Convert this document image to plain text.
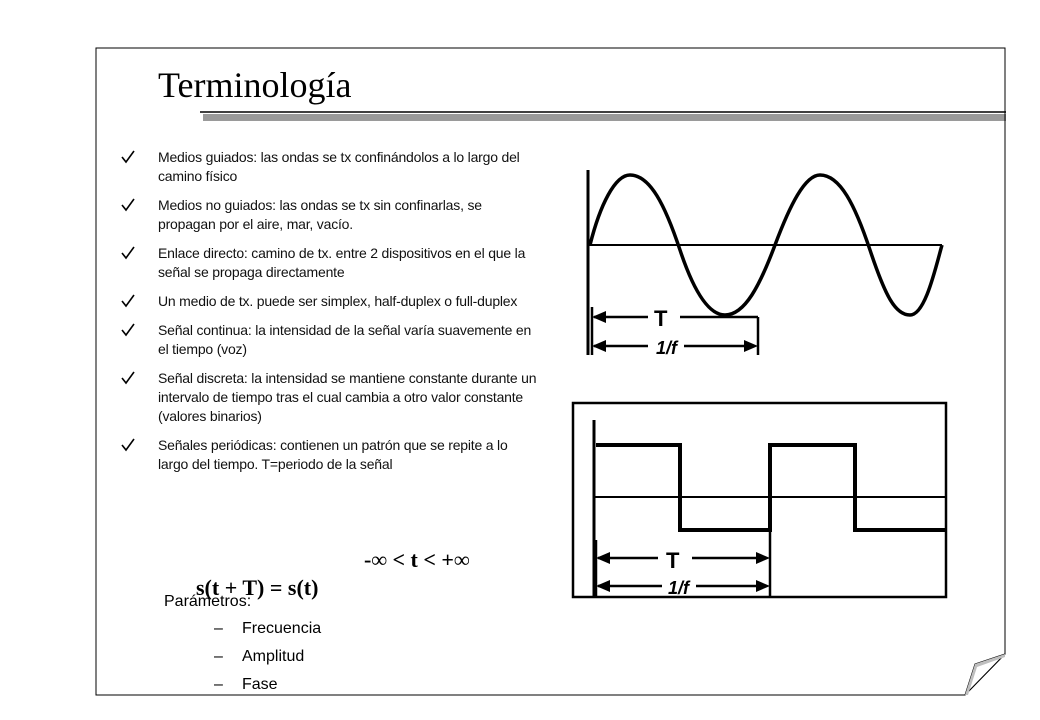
Terminología
Medios guiados: las ondas se tx confinándolos a lo largo del camino físico
Medios no guiados: las ondas se tx sin confinarlas, se propagan por el aire, mar, vacío.
Enlace directo: camino de tx. entre 2 dispositivos en el que la señal se propaga directamente
Un medio de tx. puede ser simplex, half-duplex o full-duplex
Señal continua: la intensidad de la señal varía suavemente en el tiempo (voz)
Señal discreta: la intensidad se mantiene constante durante un intervalo de tiempo tras el cual cambia a otro valor constante (valores binarios)
Señales periódicas: contienen un patrón que se repite a lo largo del tiempo. T=periodo de la señal

s(t + T) = s(t)

-∞ < t < +∞

Parámetros:
– Frecuencia
– Amplitud
– Fase
T
1/f
T
1/f
